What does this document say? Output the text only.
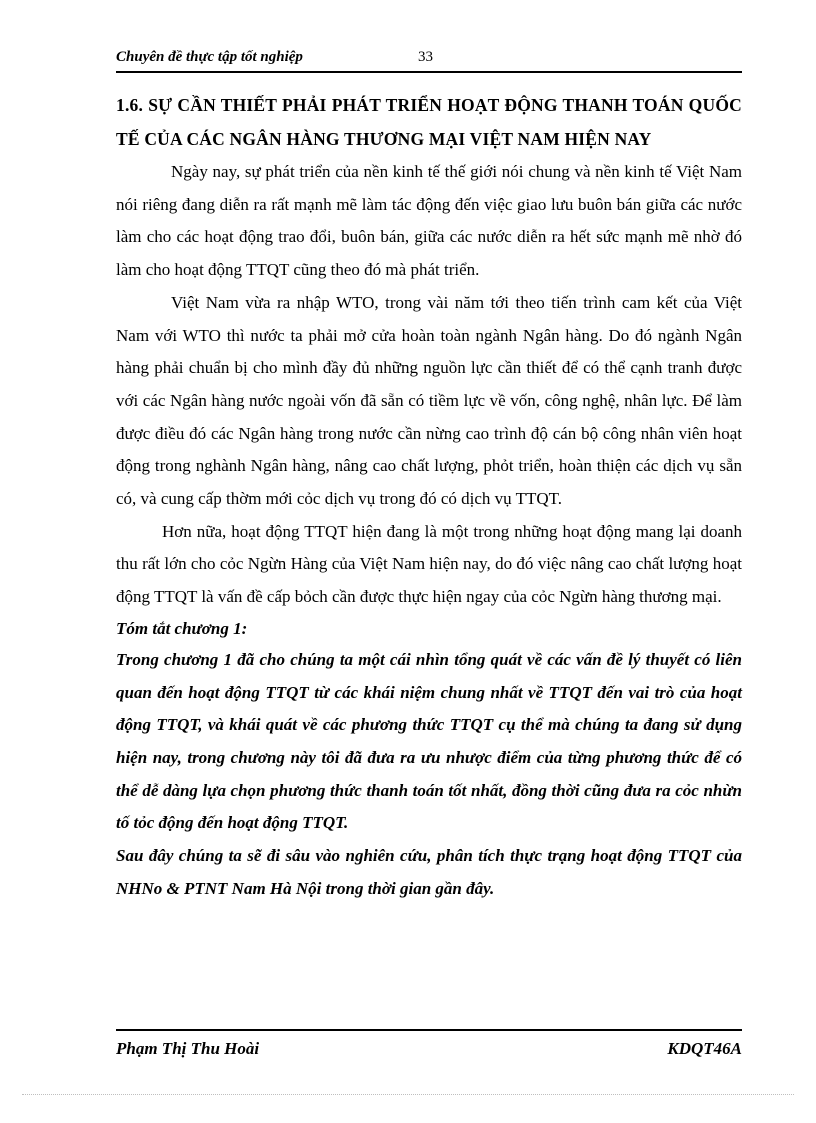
Chuyên đề thực tập tốt nghiệp	33
1.6. SỰ CẦN THIẾT PHẢI PHÁT TRIỂN HOẠT ĐỘNG THANH TOÁN QUỐC TẾ CỦA CÁC NGÂN HÀNG THƯƠNG MẠI VIỆT NAM HIỆN NAY

Ngày nay, sự phát triển của nền kinh tế thế giới nói chung và nền kinh tế Việt Nam nói riêng đang diễn ra rất mạnh mẽ làm tác động đến việc giao lưu buôn bán giữa các nước làm cho các hoạt động trao đổi, buôn bán, giữa các nước diễn ra hết sức mạnh mẽ nhờ đó làm cho hoạt động TTQT cũng theo đó mà phát triển.

Việt Nam vừa ra nhập WTO, trong vài năm tới theo tiến trình cam kết của Việt Nam với WTO thì nước ta phải mở cửa hoàn toàn ngành Ngân hàng. Do đó ngành Ngân hàng phải chuẩn bị cho mình đầy đủ những nguồn lực cần thiết để có thể cạnh tranh được với các Ngân hàng nước ngoài vốn đã sẵn có tiềm lực về vốn, công nghệ, nhân lực. Để làm được điều đó các Ngân hàng trong nước cần nừng cao trình độ cán bộ công nhân viên hoạt động trong nghành Ngân hàng, nâng cao chất lượng, phỏt triển, hoàn thiện các dịch vụ sẵn có, và cung cấp thờm mới cỏc dịch vụ trong đó có dịch vụ TTQT.

Hơn nữa, hoạt động TTQT hiện đang là một trong những hoạt động mang lại doanh thu rất lớn cho cỏc Ngừn Hàng của Việt Nam hiện nay, do đó việc nâng cao chất lượng hoạt động TTQT là vấn đề cấp bỏch cần được thực hiện ngay của cỏc Ngừn hàng thương mại.

Tóm tắt chương 1:

Trong chương 1 đã cho chúng ta một cái nhìn tổng quát về các vấn đề lý thuyết có liên quan đến hoạt động TTQT từ các khái niệm chung nhất về TTQT đến vai trò của hoạt động TTQT, và khái quát về các phương thức TTQT cụ thể mà chúng ta đang sử dụng hiện nay, trong chương này tôi đã đưa ra ưu nhược điểm của từng phương thức để có thể dễ dàng lựa chọn phương thức thanh toán tốt nhất, đồng thời cũng đưa ra cỏc nhừn tố tỏc động đến hoạt động TTQT.

Sau đây chúng ta sẽ đi sâu vào nghiên cứu, phân tích thực trạng hoạt động TTQT của NHNo & PTNT Nam Hà Nội trong thời gian gần đây.

Phạm Thị Thu Hoài	KDQT46A
